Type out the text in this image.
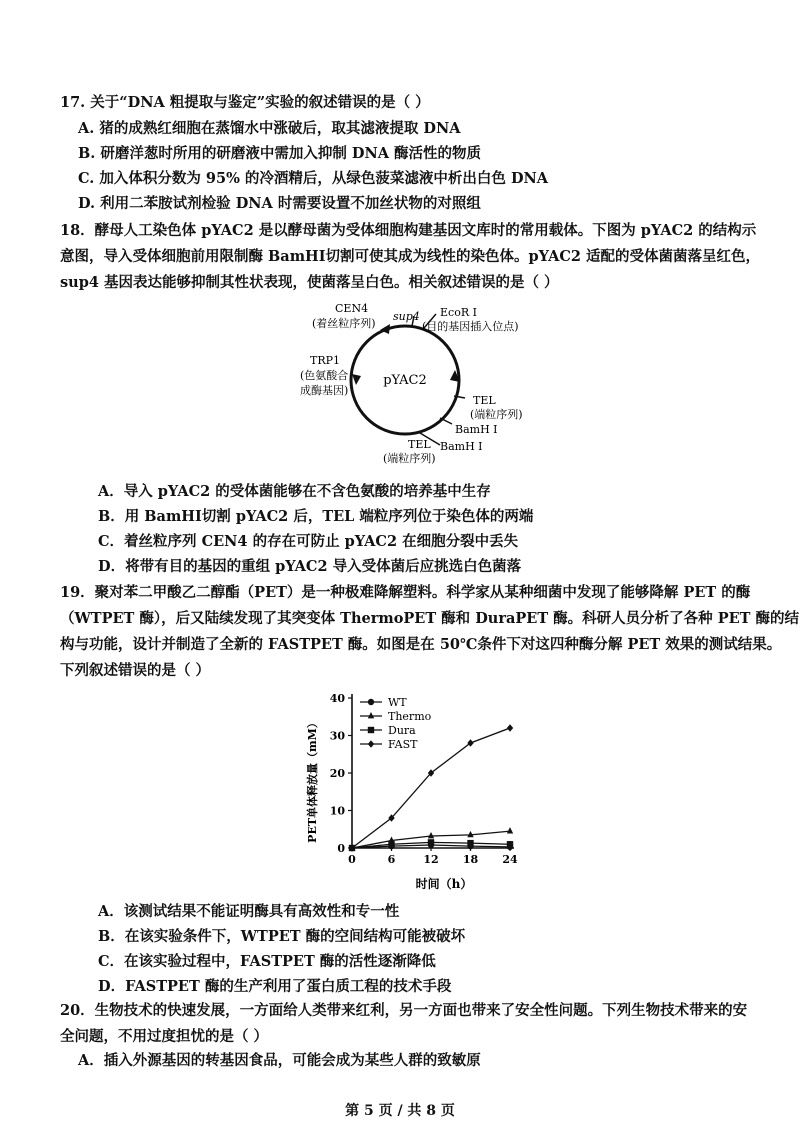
17. 关于“DNA 粗提取与鉴定”实验的叙述错误的是（ ）
A. 猪的成熟红细胞在蒸馏水中涨破后，取其滤液提取 DNA
B. 研磨洋葱时所用的研磨液中需加入抑制 DNA 酶活性的物质
C. 加入体积分数为 95% 的冷酒精后，从绿色菠菜滤液中析出白色 DNA
D. 利用二苯胺试剂检验 DNA 时需要设置不加丝状物的对照组
18．酵母人工染色体 pYAC2 是以酵母菌为受体细胞构建基因文库时的常用载体。下图为 pYAC2 的结构示
意图，导入受体细胞前用限制酶 BamHI切割可使其成为线性的染色体。pYAC2 适配的受体菌菌落呈红色，
sup4 基因表达能够抑制其性状表现，使菌落呈白色。相关叙述错误的是（ ）
pYAC2
CEN4
(着丝粒序列)
sup4 EcoR Ⅰ
(目的基因插入位点)
TRP1
(色氨酸合
成酶基因)
TEL
(端粒序列)
BamH Ⅰ
TEL
(端粒序列)
BamH Ⅰ
A．导入 pYAC2 的受体菌能够在不含色氨酸的培养基中生存
B．用 BamHI切割 pYAC2 后，TEL 端粒序列位于染色体的两端
C．着丝粒序列 CEN4 的存在可防止 pYAC2 在细胞分裂中丢失
D．将带有目的基因的重组 pYAC2 导入受体菌后应挑选白色菌落
19．聚对苯二甲酸乙二醇酯（PET）是一种极难降解塑料。科学家从某种细菌中发现了能够降解 PET 的酶
（WTPET 酶），后又陆续发现了其突变体 ThermoPET 酶和 DuraPET 酶。科研人员分析了各种 PET 酶的结
构与功能，设计并制造了全新的 FASTPET 酶。如图是在 50℃条件下对这四种酶分解 PET 效果的测试结果。
下列叙述错误的是（ ）
0
10
20
30
40
0	6	12 18 24
WT
Thermo
Dura
FAST
PET单体释放量（mM）
时间（h）
A．该测试结果不能证明酶具有高效性和专一性
B．在该实验条件下，WTPET 酶的空间结构可能被破坏
C．在该实验过程中，FASTPET 酶的活性逐渐降低
D．FASTPET 酶的生产利用了蛋白质工程的技术手段
20．生物技术的快速发展，一方面给人类带来红利，另一方面也带来了安全性问题。下列生物技术带来的安
全问题，不用过度担忧的是（ ）
A．插入外源基因的转基因食品，可能会成为某些人群的致敏原
第 5 页 / 共 8 页
